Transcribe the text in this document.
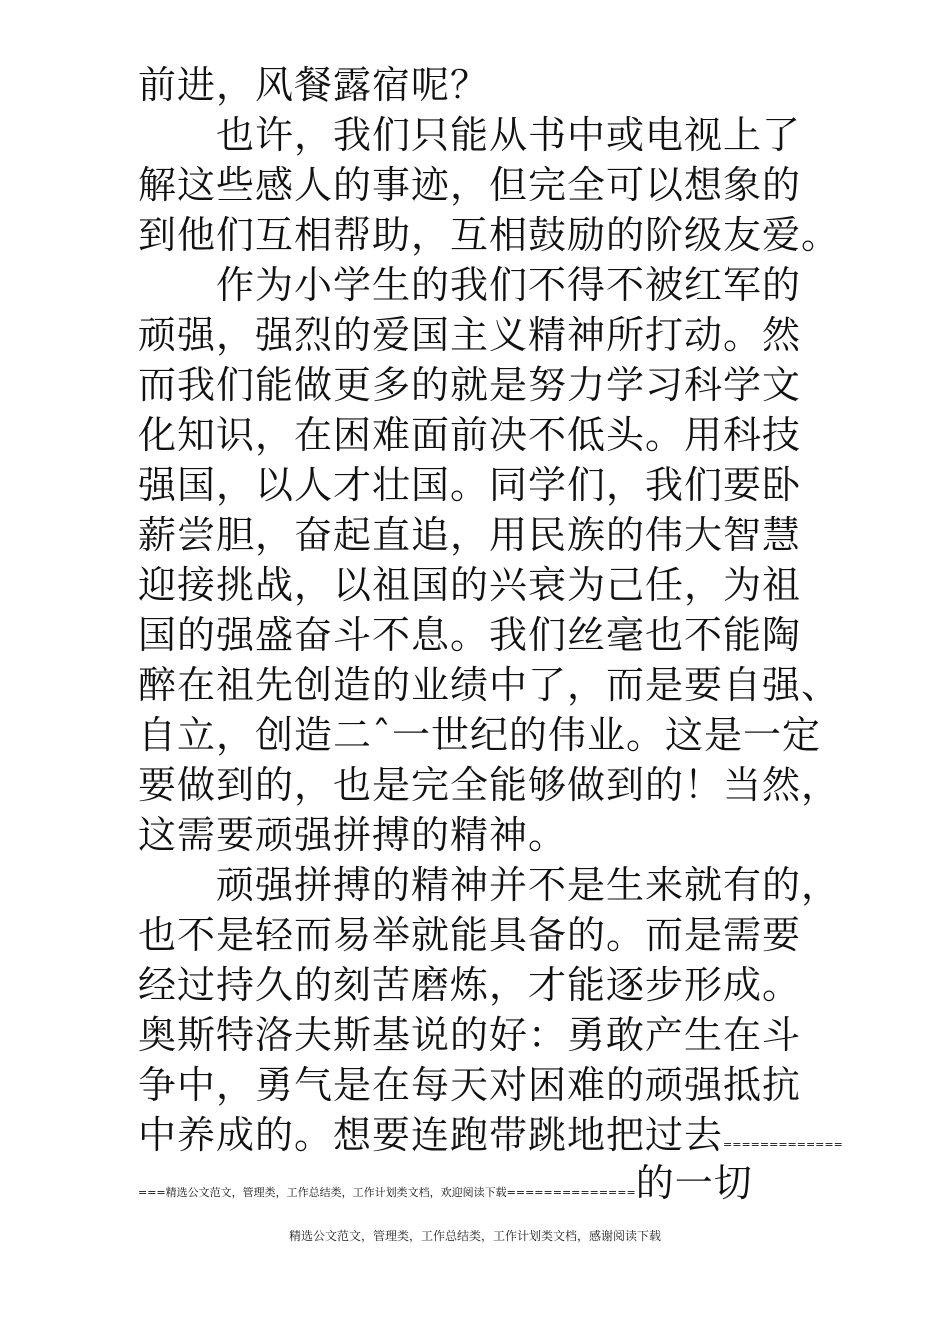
前进，风餐露宿呢？
也许，我们只能从书中或电视上了
解这些感人的事迹，但完全可以想象的
到他们互相帮助，互相鼓励的阶级友爱。
作为小学生的我们不得不被红军的
顽强，强烈的爱国主义精神所打动。然
而我们能做更多的就是努力学习科学文
化知识，在困难面前决不低头。用科技
强国，以人才壮国。同学们，我们要卧
薪尝胆，奋起直追，用民族的伟大智慧
迎接挑战，以祖国的兴衰为己任，为祖
国的强盛奋斗不息。我们丝毫也不能陶
醉在祖先创造的业绩中了，而是要自强、
自立，创造二ˆ一世纪的伟业。这是一定
要做到的，也是完全能够做到的！当然，
这需要顽强拼搏的精神。
顽强拼搏的精神并不是生来就有的，
也不是轻而易举就能具备的。而是需要
经过持久的刻苦磨炼，才能逐步形成。
奥斯特洛夫斯基说的好：勇敢产生在斗
争中，勇气是在每天对困难的顽强抵抗
中养成的。想要连跑带跳地把过去=============
===精选公文范文，管理类，工作总结类，工作计划类文档，欢迎阅读下载==============的一切
精选公文范文，管理类，工作总结类，工作计划类文档，感谢阅读下载
